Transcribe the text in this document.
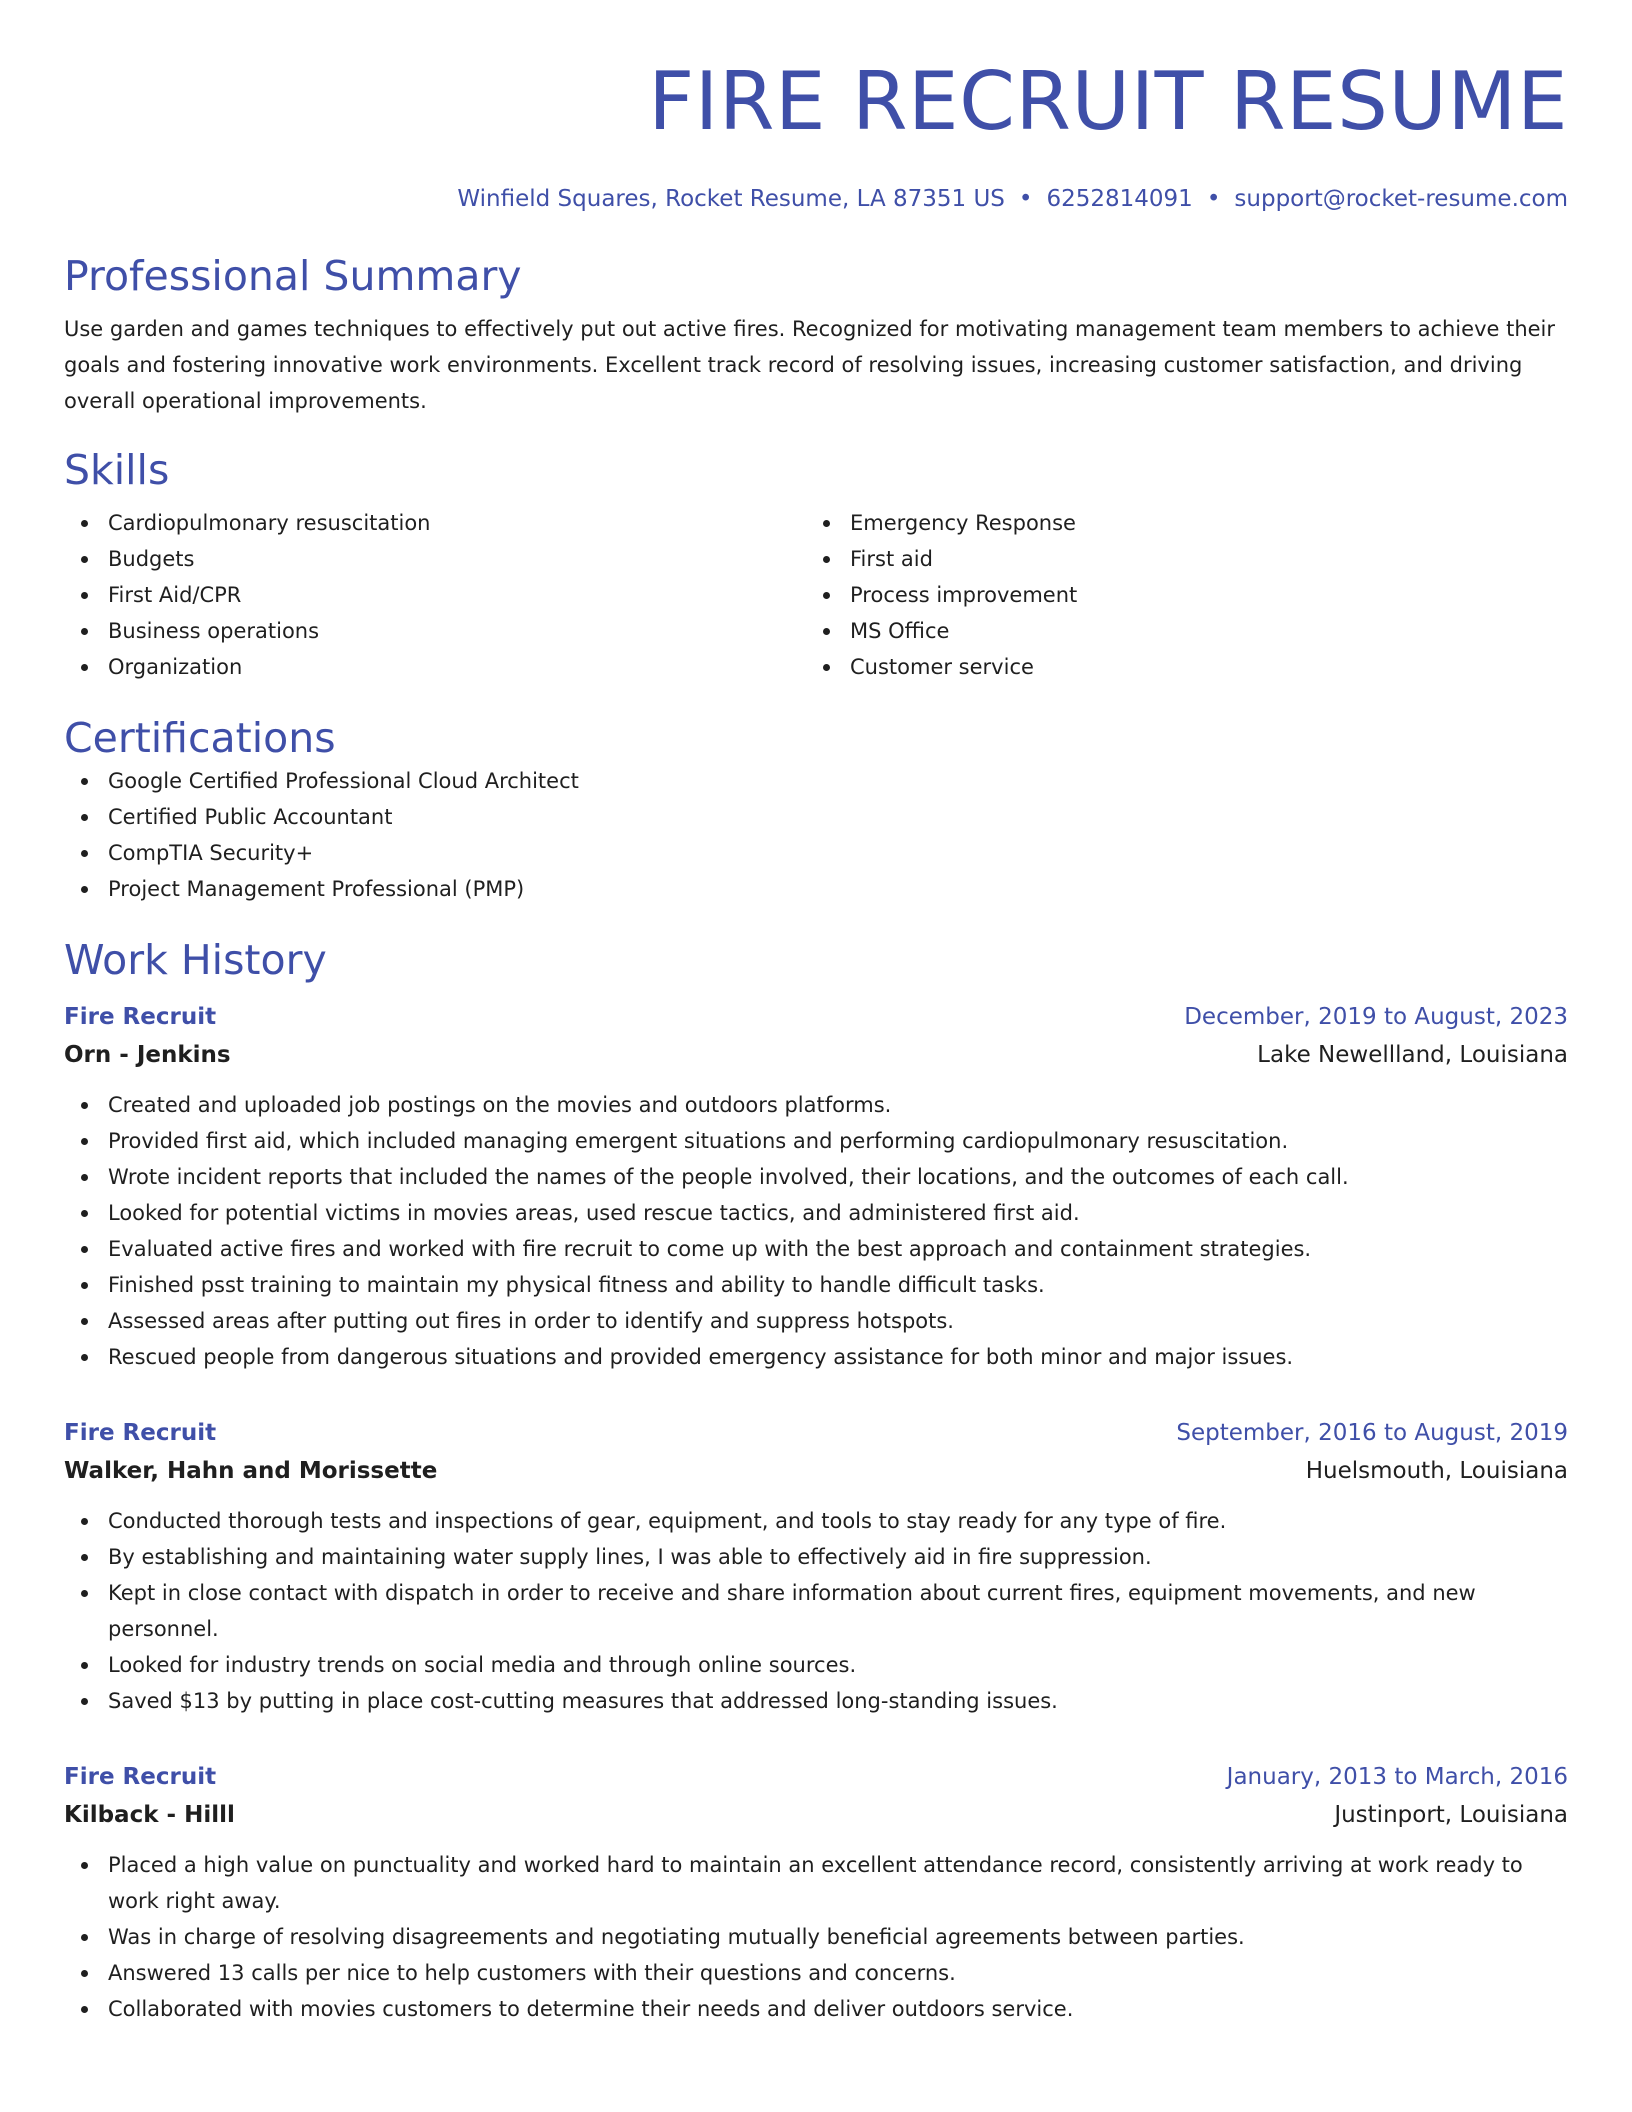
FIRE RECRUIT RESUME
Winfield Squares, Rocket Resume, LA 87351 US • 6252814091 • support@rocket-resume.com
Professional Summary
Use garden and games techniques to effectively put out active fires. Recognized for motivating management team members to achieve their goals and fostering innovative work environments. Excellent track record of resolving issues, increasing customer satisfaction, and driving overall operational improvements.
Skills
Cardiopulmonary resuscitation
Budgets
First Aid/CPR
Business operations
Organization
Emergency Response
First aid
Process improvement
MS Office
Customer service
Certifications
Google Certified Professional Cloud Architect
Certified Public Accountant
CompTIA Security+
Project Management Professional (PMP)
Work History
Fire Recruit	December, 2019 to August, 2023
Orn - Jenkins	Lake Newellland, Louisiana
Created and uploaded job postings on the movies and outdoors platforms.
Provided first aid, which included managing emergent situations and performing cardiopulmonary resuscitation.
Wrote incident reports that included the names of the people involved, their locations, and the outcomes of each call.
Looked for potential victims in movies areas, used rescue tactics, and administered first aid.
Evaluated active fires and worked with fire recruit to come up with the best approach and containment strategies.
Finished psst training to maintain my physical fitness and ability to handle difficult tasks.
Assessed areas after putting out fires in order to identify and suppress hotspots.
Rescued people from dangerous situations and provided emergency assistance for both minor and major issues.
Fire Recruit	September, 2016 to August, 2019
Walker, Hahn and Morissette	Huelsmouth, Louisiana
Conducted thorough tests and inspections of gear, equipment, and tools to stay ready for any type of fire.
By establishing and maintaining water supply lines, I was able to effectively aid in fire suppression.
Kept in close contact with dispatch in order to receive and share information about current fires, equipment movements, and new personnel.
Looked for industry trends on social media and through online sources.
Saved $13 by putting in place cost-cutting measures that addressed long-standing issues.
Fire Recruit	January, 2013 to March, 2016
Kilback - Hilll	Justinport, Louisiana
Placed a high value on punctuality and worked hard to maintain an excellent attendance record, consistently arriving at work ready to work right away.
Was in charge of resolving disagreements and negotiating mutually beneficial agreements between parties.
Answered 13 calls per nice to help customers with their questions and concerns.
Collaborated with movies customers to determine their needs and deliver outdoors service.
